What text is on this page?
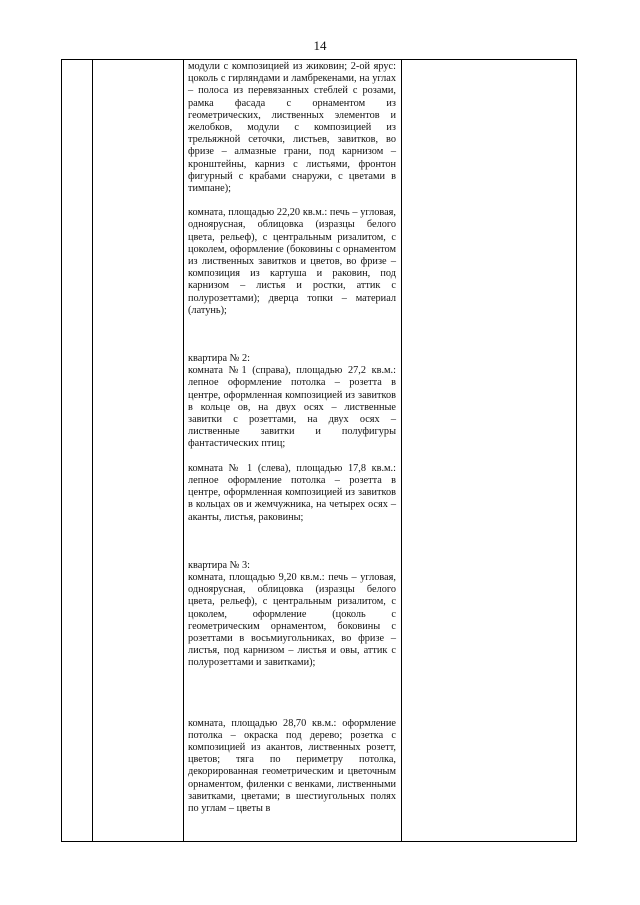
14

модули с композицией из жиковин; 2-ой ярус: цоколь с гирляндами и ламбрекенами, на углах – полоса из перевязанных стеблей с розами, рамка фасада с орнаментом из геометрических, лиственных элементов и желобков, модули с композицией из трельяжной сеточки, листьев, завитков, во фризе – алмазные грани, под карнизом – кронштейны, карниз с листьями, фронтон фигурный с крабами снаружи, с цветами в тимпане);

комната, площадью 22,20 кв.м.: печь – угловая, одноярусная, облицовка (изразцы белого цвета, рельеф), с центральным ризалитом, с цоколем, оформление (боковины с орнаментом из лиственных завитков и цветов, во фризе – композиция из картуша и раковин, под карнизом – листья и ростки, аттик с полурозеттами); дверца топки – материал (латунь);

квартира № 2:

комната №1 (справа), площадью 27,2 кв.м.: лепное оформление потолка – розетта в центре, оформленная композицией из завитков в кольце ов, на двух осях – лиственные завитки с розеттами, на двух осях – лиственные завитки и полуфигуры фантастических птиц;

комната № 1 (слева), площадью 17,8 кв.м.: лепное оформление потолка – розетта в центре, оформленная композицией из завитков в кольцах ов и жемчужника, на четырех осях – аканты, листья, раковины;

квартира № 3:

комната, площадью 9,20 кв.м.: печь – угловая, одноярусная, облицовка (изразцы белого цвета, рельеф), с центральным ризалитом, с цоколем, оформление (цоколь с геометрическим орнаментом, боковины с розеттами в восьмиугольниках, во фризе – листья, под карнизом – листья и овы, аттик с полурозеттами и завитками);

комната, площадью 28,70 кв.м.: оформление потолка – окраска под дерево; розетка с композицией из акантов, лиственных розетт, цветов; тяга по периметру потолка, декорированная геометрическим и цветочным орнаментом, филенки с венками, лиственными завитками, цветами; в шестиугольных полях по углам – цветы в
